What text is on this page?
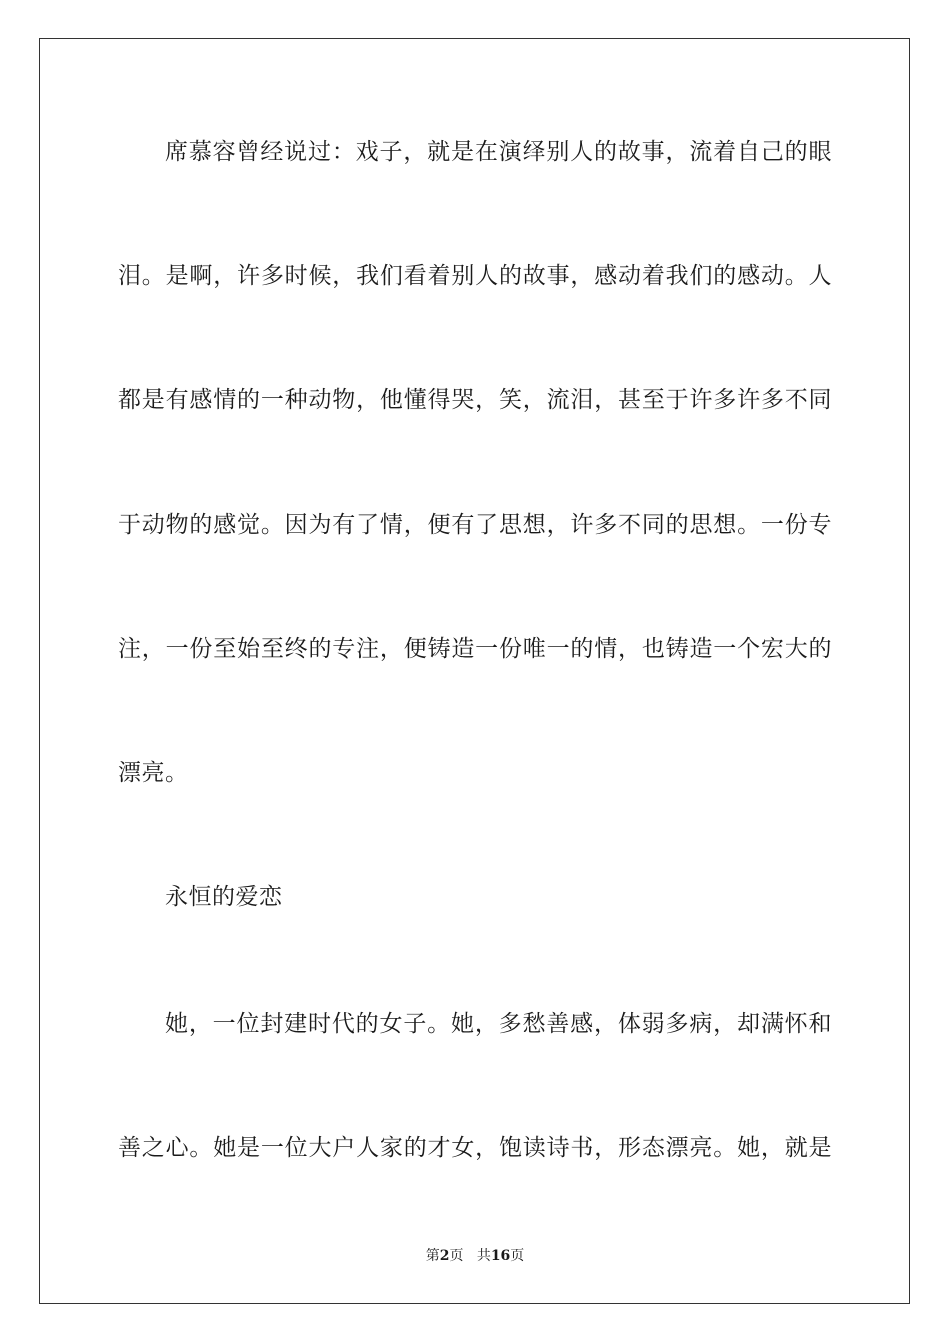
席慕容曾经说过：戏子，就是在演绎别人的故事，流着自己的眼
泪。是啊，许多时候，我们看着别人的故事，感动着我们的感动。人
都是有感情的一种动物，他懂得哭，笑，流泪，甚至于许多许多不同
于动物的感觉。因为有了情，便有了思想，许多不同的思想。一份专
注，一份至始至终的专注，便铸造一份唯一的情，也铸造一个宏大的
漂亮。
永恒的爱恋
她，一位封建时代的女子。她，多愁善感，体弱多病，却满怀和
善之心。她是一位大户人家的才女，饱读诗书，形态漂亮。她，就是
第2页 共16页
